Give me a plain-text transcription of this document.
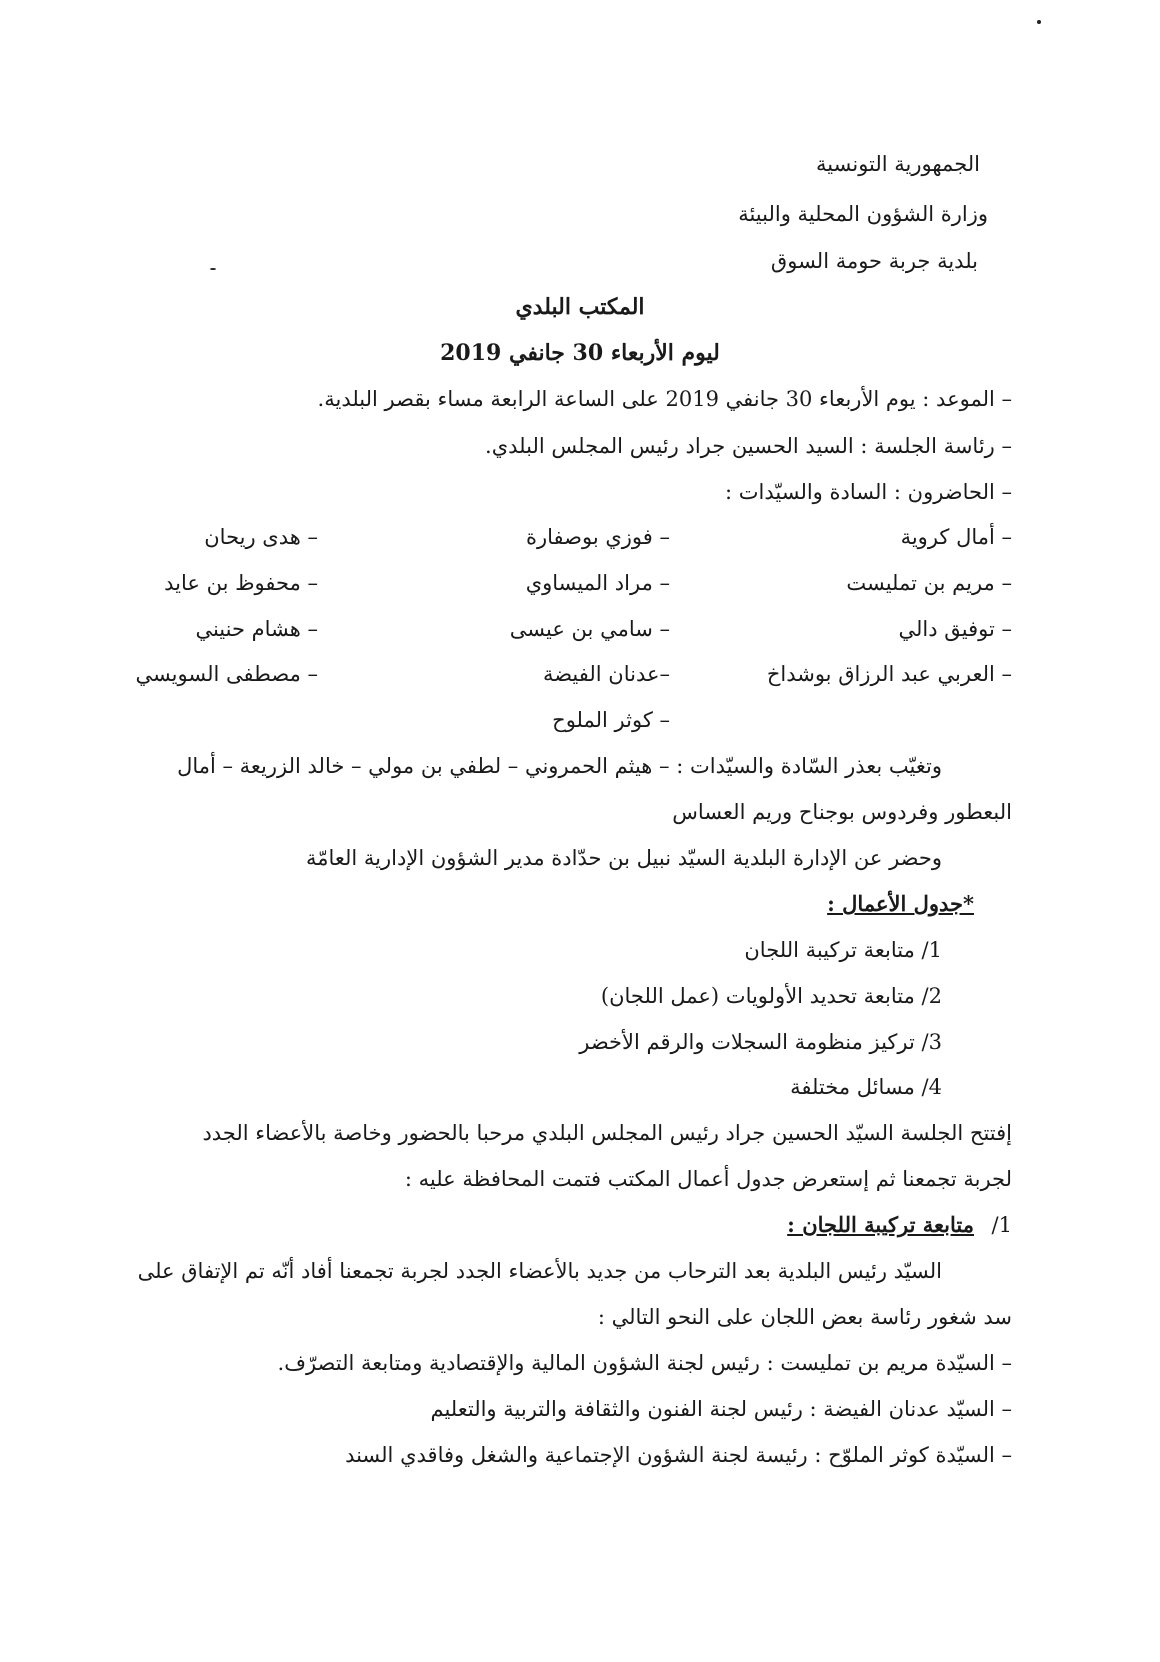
الجمهورية التونسية
وزارة الشؤون المحلية والبيئة
بلدية جربة حومة السوق
المكتب البلدي
ليوم الأربعاء 30 جانفي 2019
– الموعد : يوم الأربعاء 30 جانفي 2019 على الساعة الرابعة مساء بقصر البلدية.
– رئاسة الجلسة : السيد الحسين جراد رئيس المجلس البلدي.
– الحاضرون : السادة والسيّدات :
– أمال كروية
– مريم بن تمليست
– توفيق دالي
– العربي عبد الرزاق بوشداخ
– فوزي بوصفارة
– مراد الميساوي
– سامي بن عيسى
–عدنان الفيضة
– كوثر الملوح
– هدى ريحان
– محفوظ بن عايد
– هشام حنيني
– مصطفى السويسي
وتغيّب بعذر السّادة والسيّدات : – هيثم الحمروني – لطفي بن مولي – خالد الزريعة – أمال
البعطور وفردوس بوجناح وريم العساس
وحضر عن الإدارة البلدية السيّد نبيل بن حدّادة مدير الشؤون الإدارية العامّة
*جدول الأعمال :
1/ متابعة تركيبة اللجان
2/ متابعة تحديد الأولويات (عمل اللجان)
3/ تركيز منظومة السجلات والرقم الأخضر
4/ مسائل مختلفة
إفتتح الجلسة السيّد الحسين جراد رئيس المجلس البلدي مرحبا بالحضور وخاصة بالأعضاء الجدد
لجربة تجمعنا ثم إستعرض جدول أعمال المكتب فتمت المحافظة عليه :
1/
متابعة تركيبة اللجان :
السيّد رئيس البلدية بعد الترحاب من جديد بالأعضاء الجدد لجربة تجمعنا أفاد أنّه تم الإتفاق على
سد شغور رئاسة بعض اللجان على النحو التالي :
– السيّدة مريم بن تمليست : رئيس لجنة الشؤون المالية والإقتصادية ومتابعة التصرّف.
– السيّد عدنان الفيضة : رئيس لجنة الفنون والثقافة والتربية والتعليم
– السيّدة كوثر الملوّح : رئيسة لجنة الشؤون الإجتماعية والشغل وفاقدي السند
